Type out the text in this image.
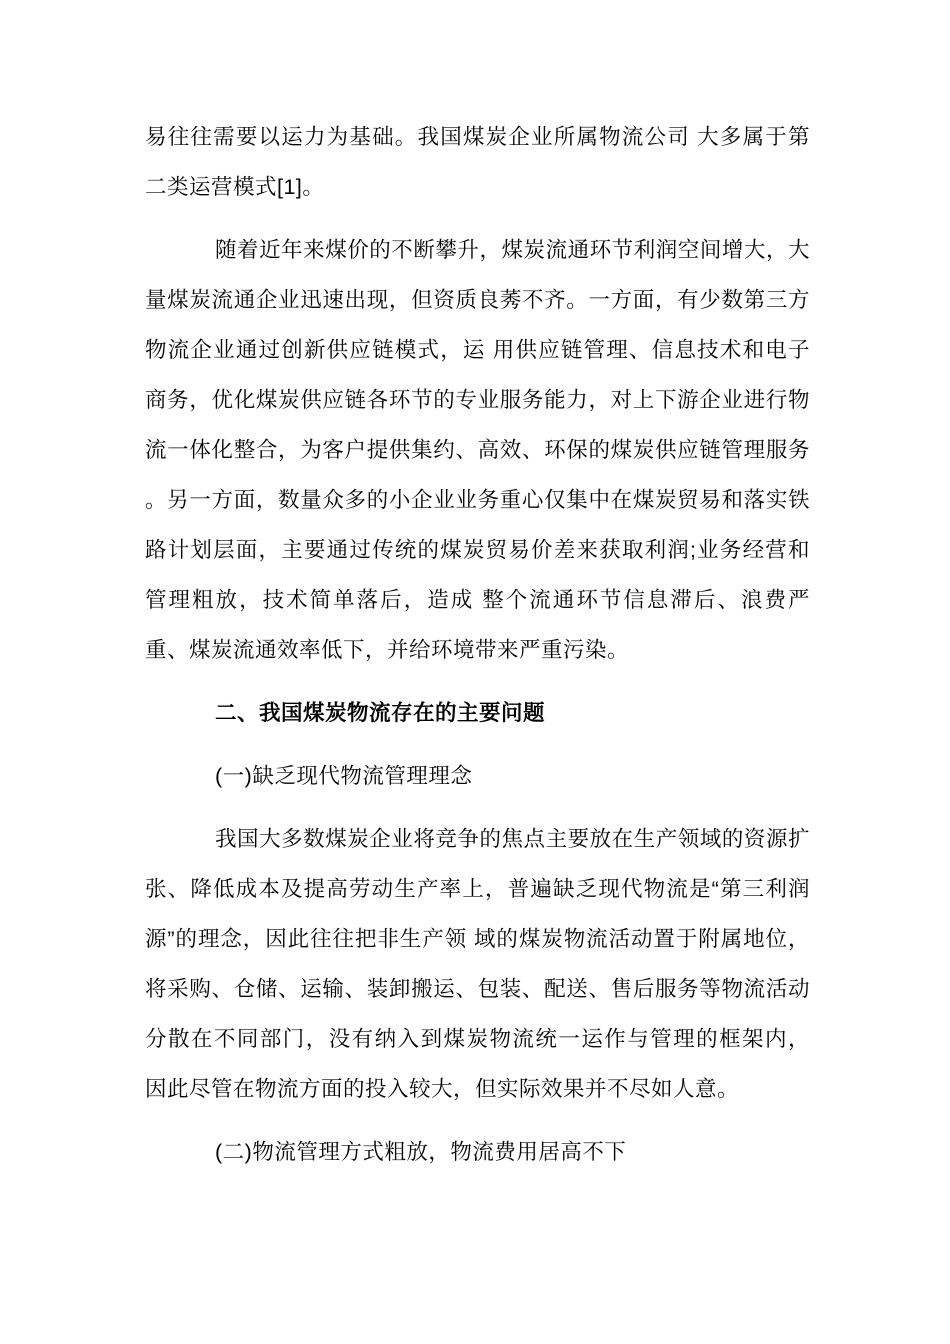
易往往需要以运力为基础。我国煤炭企业所属物流公司 大多属于第二类运营模式[1]。

随着近年来煤价的不断攀升，煤炭流通环节利润空间增大，大量煤炭流通企业迅速出现，但资质良莠不齐。一方面，有少数第三方物流企业通过创新供应链模式，运 用供应链管理、信息技术和电子商务，优化煤炭供应链各环节的专业服务能力，对上下游企业进行物流一体化整合，为客户提供集约、高效、环保的煤炭供应链管理服务 。另一方面，数量众多的小企业业务重心仅集中在煤炭贸易和落实铁路计划层面，主要通过传统的煤炭贸易价差来获取利润;业务经营和管理粗放，技术简单落后，造成 整个流通环节信息滞后、浪费严重、煤炭流通效率低下，并给环境带来严重污染。

二、我国煤炭物流存在的主要问题

(一)缺乏现代物流管理理念

我国大多数煤炭企业将竞争的焦点主要放在生产领域的资源扩张、降低成本及提高劳动生产率上，普遍缺乏现代物流是“第三利润源”的理念，因此往往把非生产领 域的煤炭物流活动置于附属地位，将采购、仓储、运输、装卸搬运、包装、配送、售后服务等物流活动分散在不同部门，没有纳入到煤炭物流统一运作与管理的框架内， 因此尽管在物流方面的投入较大，但实际效果并不尽如人意。

(二)物流管理方式粗放，物流费用居高不下
